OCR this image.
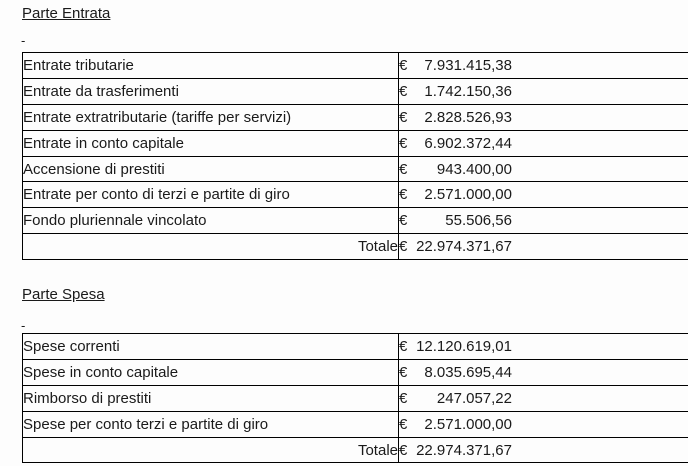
Parte Entrata
-
Entrate tributarie	€ 7.931.415,38

Entrate da trasferimenti	€ 1.742.150,36

Entrate extratributarie (tariffe per servizi)	€ 2.828.526,93

Entrate in conto capitale	€ 6.902.372,44

Accensione di prestiti	€ 943.400,00

Entrate per conto di terzi e partite di giro	€ 2.571.000,00

Fondo pluriennale vincolato	€ 55.506,56

Totale	€ 22.974.371,67
Parte Spesa
-
Spese correnti	€ 12.120.619,01

Spese in conto capitale	€ 8.035.695,44

Rimborso di prestiti	€ 247.057,22

Spese per conto terzi e partite di giro	€ 2.571.000,00

Totale	€ 22.974.371,67
